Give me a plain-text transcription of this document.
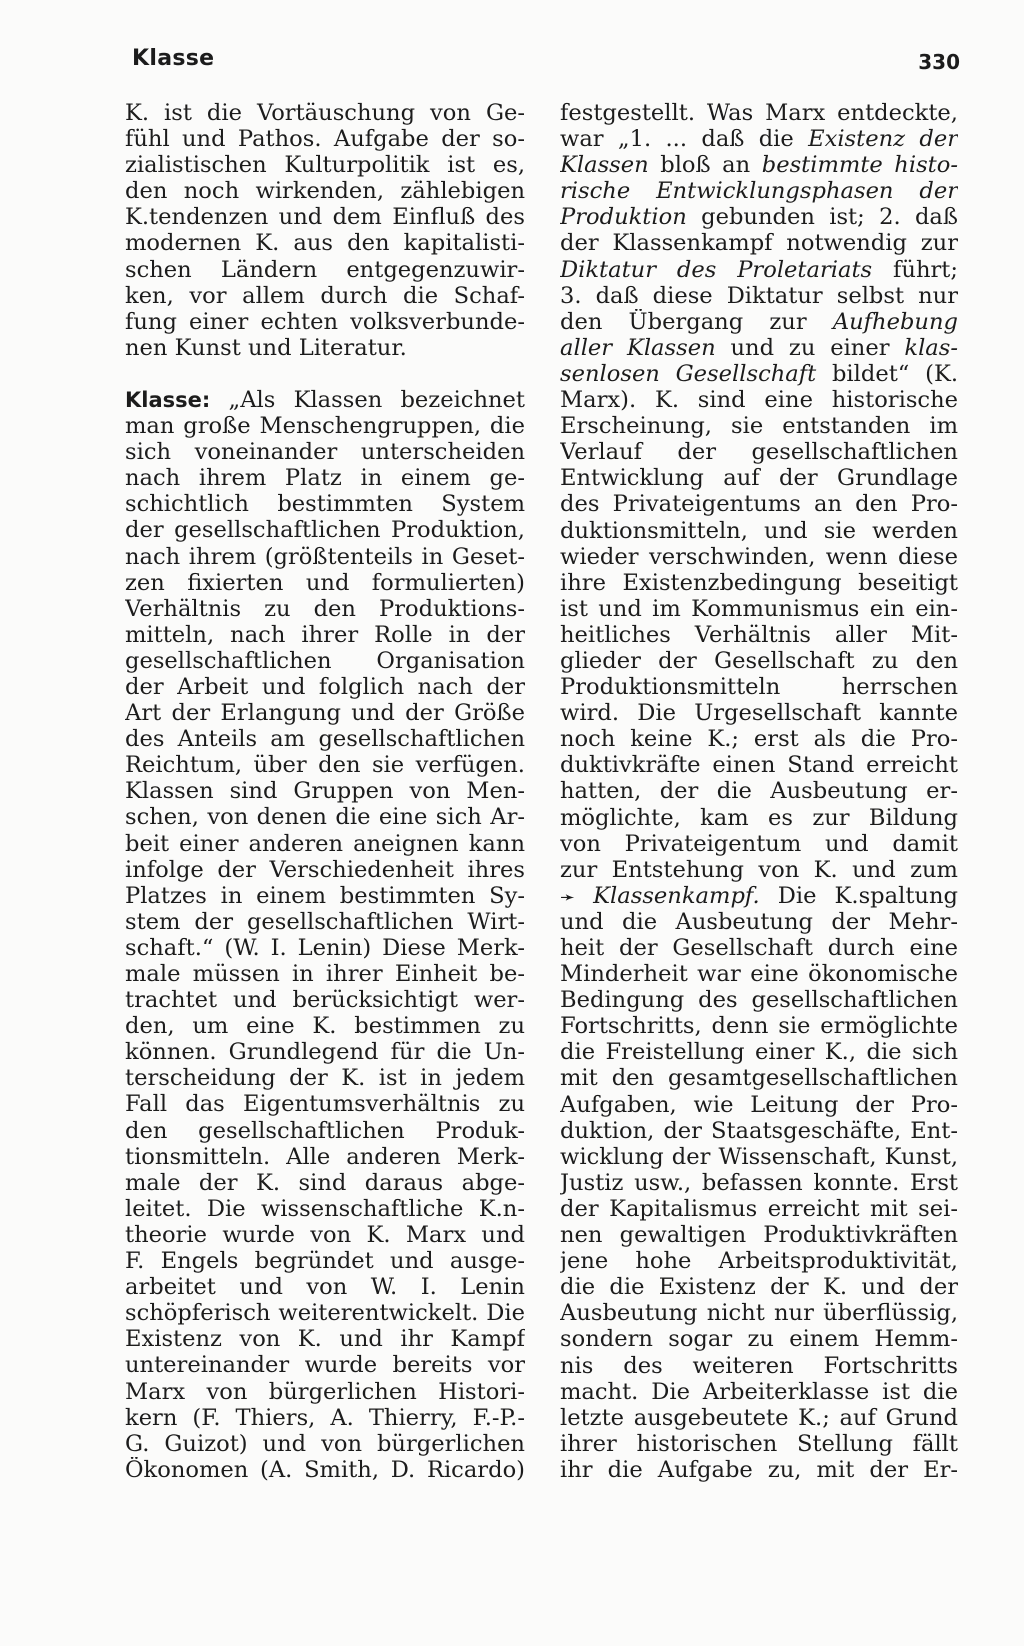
Klasse	330
K. ist die Vortäuschung von Ge-
fühl und Pathos. Aufgabe der so-
zialistischen Kulturpolitik ist es,
den noch wirkenden, zählebigen
K.tendenzen und dem Einfluß des
modernen K. aus den kapitalisti-
schen Ländern entgegenzuwir-
ken, vor allem durch die Schaf-
fung einer echten volksverbunde-
nen Kunst und Literatur.
Klasse: „Als Klassen bezeichnet
man große Menschengruppen, die
sich voneinander unterscheiden
nach ihrem Platz in einem ge-
schichtlich bestimmten System
der gesellschaftlichen Produktion,
nach ihrem (größtenteils in Geset-
zen fixierten und formulierten)
Verhältnis zu den Produktions-
mitteln, nach ihrer Rolle in der
gesellschaftlichen Organisation
der Arbeit und folglich nach der
Art der Erlangung und der Größe
des Anteils am gesellschaftlichen
Reichtum, über den sie verfügen.
Klassen sind Gruppen von Men-
schen, von denen die eine sich Ar-
beit einer anderen aneignen kann
infolge der Verschiedenheit ihres
Platzes in einem bestimmten Sy-
stem der gesellschaftlichen Wirt-
schaft.“ (W. I. Lenin) Diese Merk-
male müssen in ihrer Einheit be-
trachtet und berücksichtigt wer-
den, um eine K. bestimmen zu
können. Grundlegend für die Un-
terscheidung der K. ist in jedem
Fall das Eigentumsverhältnis zu
den gesellschaftlichen Produk-
tionsmitteln. Alle anderen Merk-
male der K. sind daraus abge-
leitet. Die wissenschaftliche K.n-
theorie wurde von K. Marx und
F. Engels begründet und ausge-
arbeitet und von W. I. Lenin
schöpferisch weiterentwickelt. Die
Existenz von K. und ihr Kampf
untereinander wurde bereits vor
Marx von bürgerlichen Histori-
kern (F. Thiers, A. Thierry, F.-P.-
G. Guizot) und von bürgerlichen
Ökonomen (A. Smith, D. Ricardo)
festgestellt. Was Marx entdeckte,
war „1. ... daß die Existenz der
Klassen bloß an bestimmte histo-
rische Entwicklungsphasen der
Produktion gebunden ist; 2. daß
der Klassenkampf notwendig zur
Diktatur des Proletariats führt;
3. daß diese Diktatur selbst nur
den Übergang zur Aufhebung
aller Klassen und zu einer klas-
senlosen Gesellschaft bildet“ (K.
Marx). K. sind eine historische
Erscheinung, sie entstanden im
Verlauf der gesellschaftlichen
Entwicklung auf der Grundlage
des Privateigentums an den Pro-
duktionsmitteln, und sie werden
wieder verschwinden, wenn diese
ihre Existenzbedingung beseitigt
ist und im Kommunismus ein ein-
heitliches Verhältnis aller Mit-
glieder der Gesellschaft zu den
Produktionsmitteln herrschen
wird. Die Urgesellschaft kannte
noch keine K.; erst als die Pro-
duktivkräfte einen Stand erreicht
hatten, der die Ausbeutung er-
möglichte, kam es zur Bildung
von Privateigentum und damit
zur Entstehung von K. und zum
➛ Klassenkampf. Die K.spaltung
und die Ausbeutung der Mehr-
heit der Gesellschaft durch eine
Minderheit war eine ökonomische
Bedingung des gesellschaftlichen
Fortschritts, denn sie ermöglichte
die Freistellung einer K., die sich
mit den gesamtgesellschaftlichen
Aufgaben, wie Leitung der Pro-
duktion, der Staatsgeschäfte, Ent-
wicklung der Wissenschaft, Kunst,
Justiz usw., befassen konnte. Erst
der Kapitalismus erreicht mit sei-
nen gewaltigen Produktivkräften
jene hohe Arbeitsproduktivität,
die die Existenz der K. und der
Ausbeutung nicht nur überflüssig,
sondern sogar zu einem Hemm-
nis des weiteren Fortschritts
macht. Die Arbeiterklasse ist die
letzte ausgebeutete K.; auf Grund
ihrer historischen Stellung fällt
ihr die Aufgabe zu, mit der Er-
